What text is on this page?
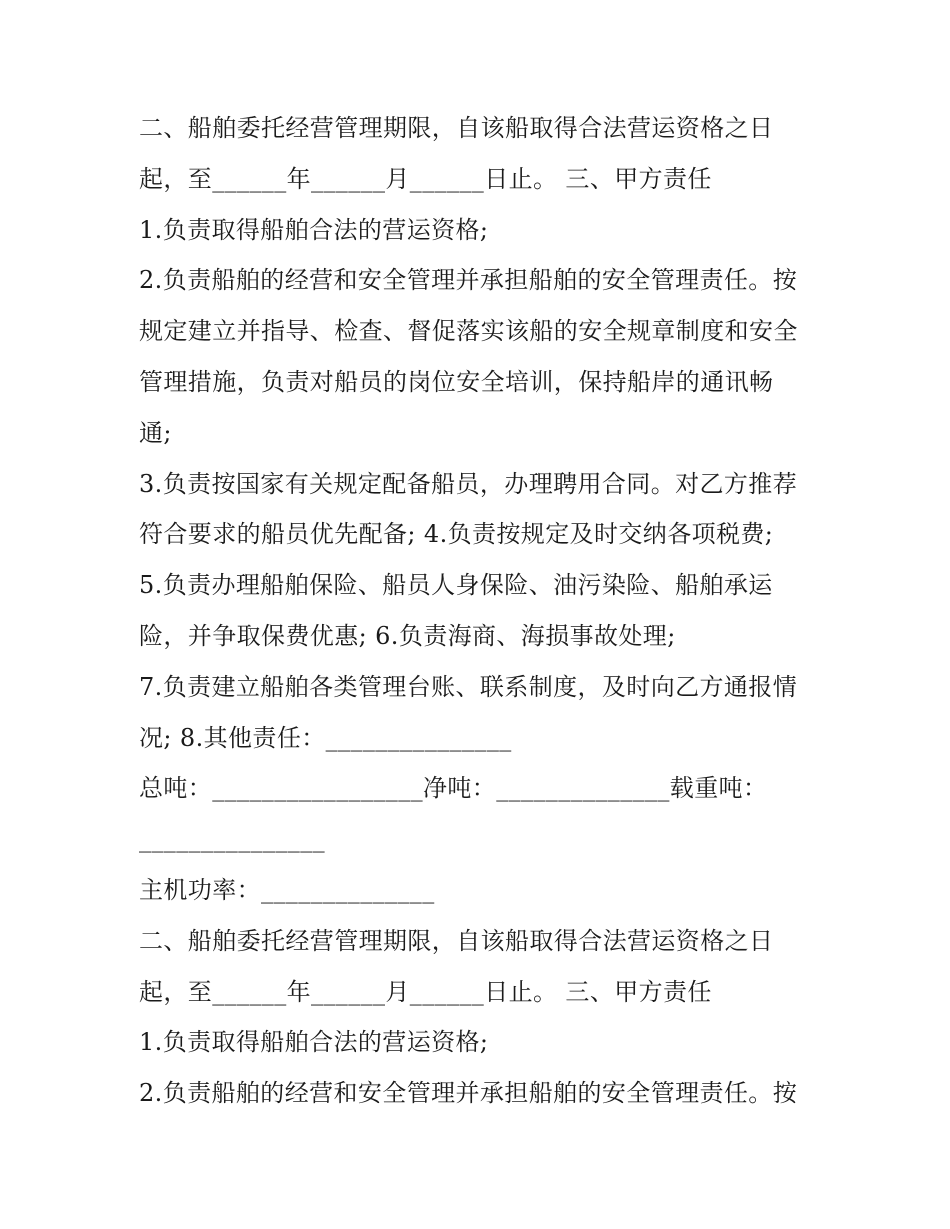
二、船舶委托经营管理期限，自该船取得合法营运资格之日
起，至______年______月______日止。 三、甲方责任
1.负责取得船舶合法的营运资格;
2.负责船舶的经营和安全管理并承担船舶的安全管理责任。按
规定建立并指导、检查、督促落实该船的安全规章制度和安全
管理措施，负责对船员的岗位安全培训，保持船岸的通讯畅
通;
3.负责按国家有关规定配备船员，办理聘用合同。对乙方推荐
符合要求的船员优先配备; 4.负责按规定及时交纳各项税费;
5.负责办理船舶保险、船员人身保险、油污染险、船舶承运
险，并争取保费优惠; 6.负责海商、海损事故处理;
7.负责建立船舶各类管理台账、联系制度，及时向乙方通报情
况; 8.其他责任：_______________
总吨：_________________净吨：______________载重吨：
_______________
主机功率：______________
二、船舶委托经营管理期限，自该船取得合法营运资格之日
起，至______年______月______日止。 三、甲方责任
1.负责取得船舶合法的营运资格;
2.负责船舶的经营和安全管理并承担船舶的安全管理责任。按
